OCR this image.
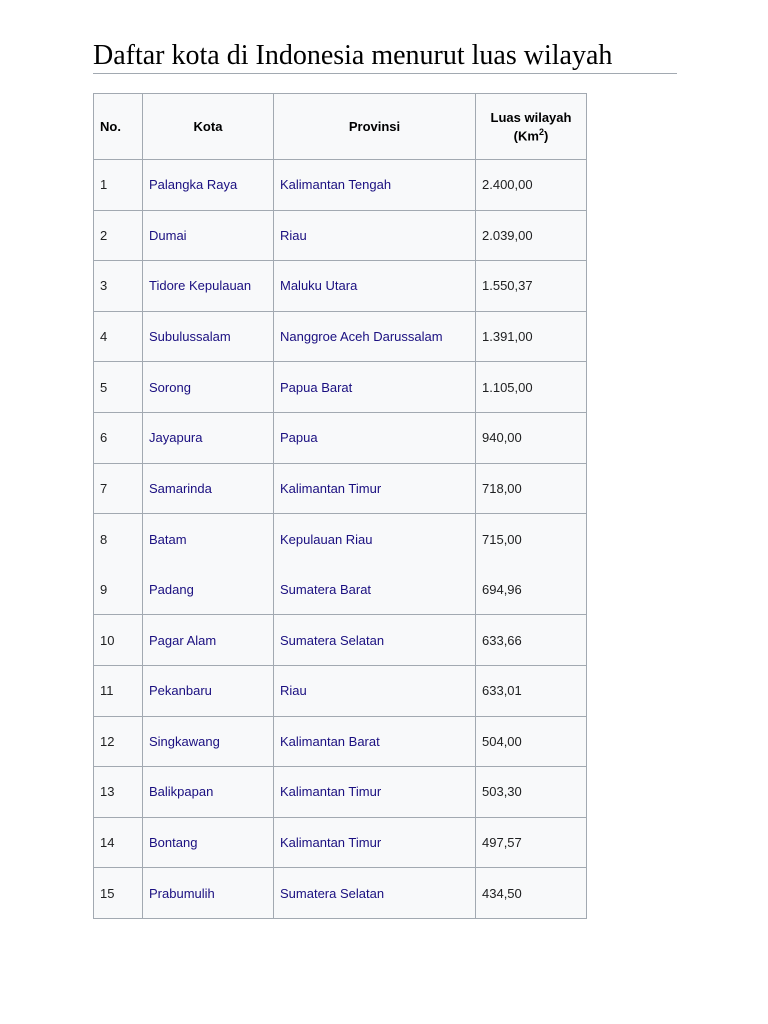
Daftar kota di Indonesia menurut luas wilayah
No.	Kota	Provinsi	Luas wilayah
(Km$^2$)
1	Palangka Raya	Kalimantan Tengah	2.400,00
2	Dumai	Riau	2.039,00
3	Tidore Kepulauan	Maluku Utara	1.550,37
4	Subulussalam	Nanggroe Aceh Darussalam	1.391,00
5	Sorong	Papua Barat	1.105,00
6	Jayapura	Papua	940,00
7	Samarinda	Kalimantan Timur	718,00
8	Batam	Kepulauan Riau	715,00
9	Padang	Sumatera Barat	694,96
10	Pagar Alam	Sumatera Selatan	633,66
11	Pekanbaru	Riau	633,01
12	Singkawang	Kalimantan Barat	504,00
13	Balikpapan	Kalimantan Timur	503,30
14	Bontang	Kalimantan Timur	497,57
15	Prabumulih	Sumatera Selatan	434,50
